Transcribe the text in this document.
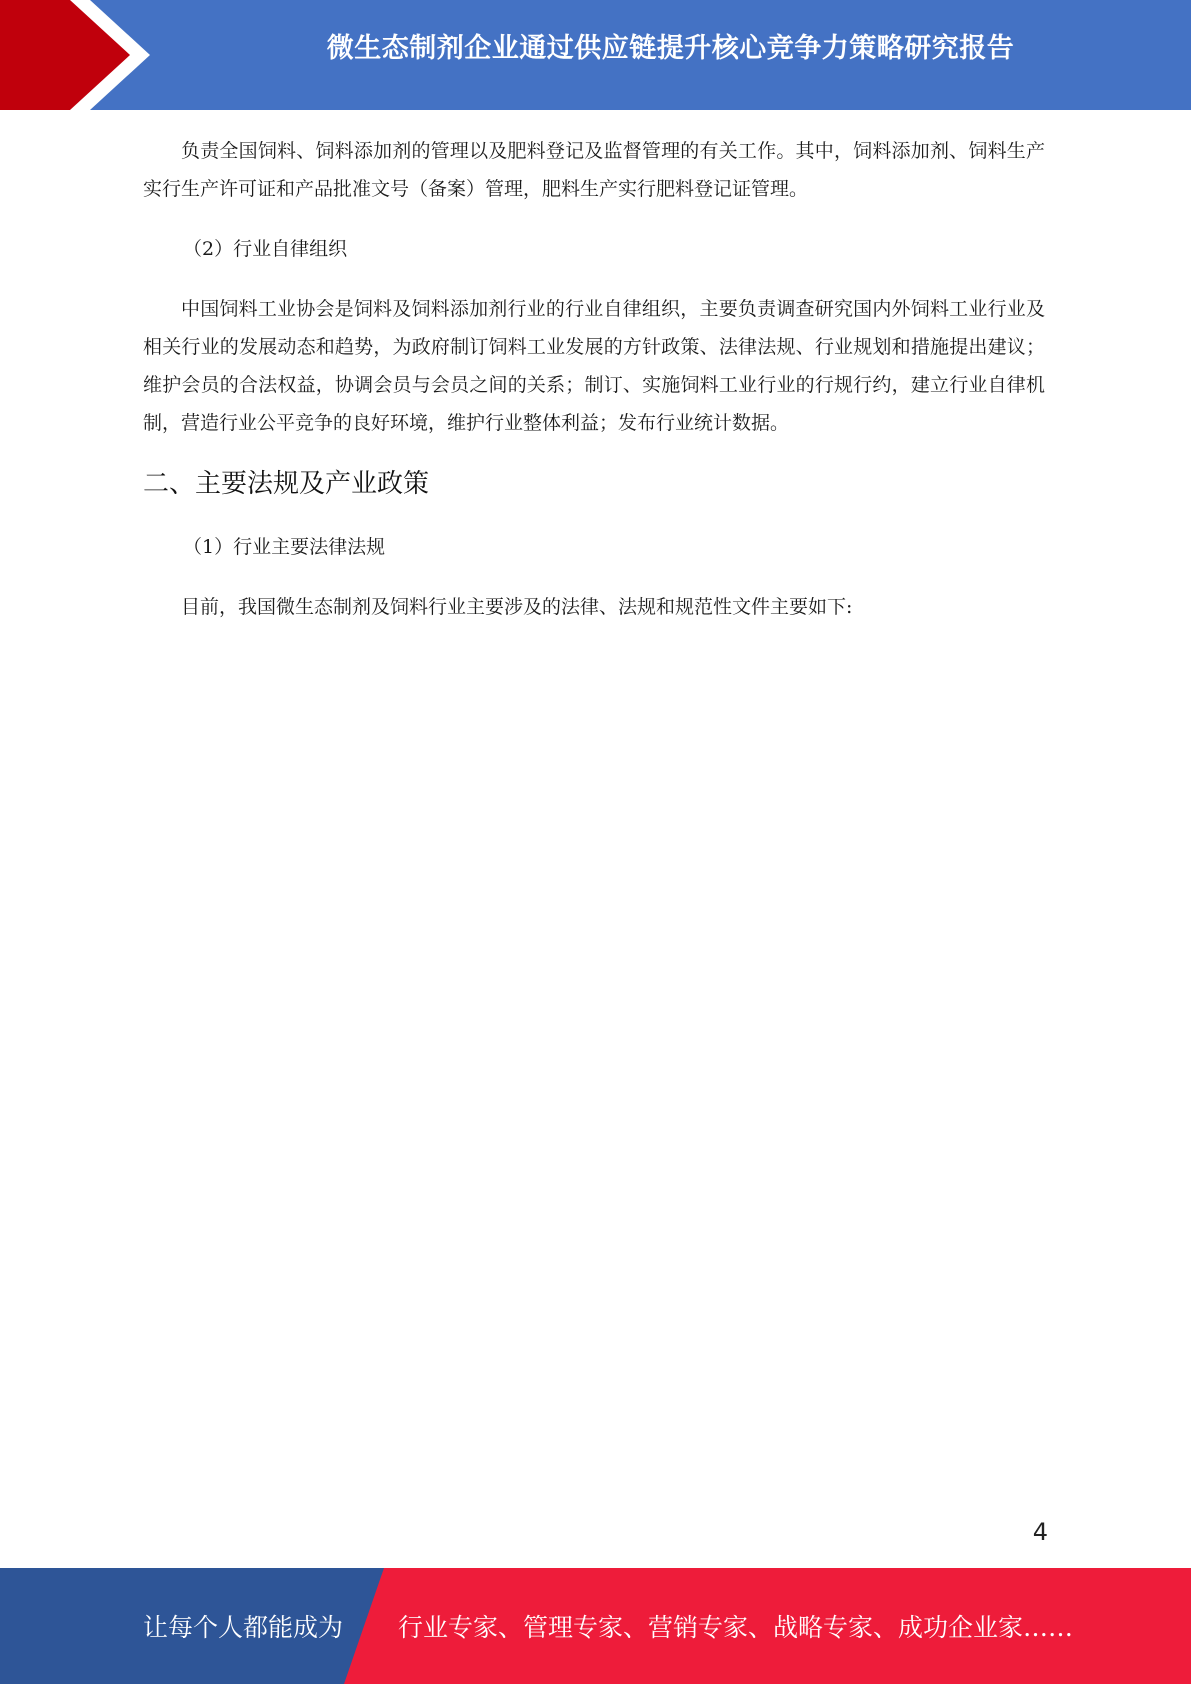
微生态制剂企业通过供应链提升核心竞争力策略研究报告

负责全国饲料、饲料添加剂的管理以及肥料登记及监督管理的有关工作。其中，饲料添加剂、饲料生产实行生产许可证和产品批准文号（备案）管理，肥料生产实行肥料登记证管理。

（2）行业自律组织

中国饲料工业协会是饲料及饲料添加剂行业的行业自律组织，主要负责调查研究国内外饲料工业行业及相关行业的发展动态和趋势，为政府制订饲料工业发展的方针政策、法律法规、行业规划和措施提出建议；维护会员的合法权益，协调会员与会员之间的关系；制订、实施饲料工业行业的行规行约，建立行业自律机制，营造行业公平竞争的良好环境，维护行业整体利益；发布行业统计数据。

二、主要法规及产业政策

（1）行业主要法律法规

目前，我国微生态制剂及饲料行业主要涉及的法律、法规和规范性文件主要如下:

4
让每个人都能成为 行业专家、管理专家、营销专家、战略专家、成功企业家……
